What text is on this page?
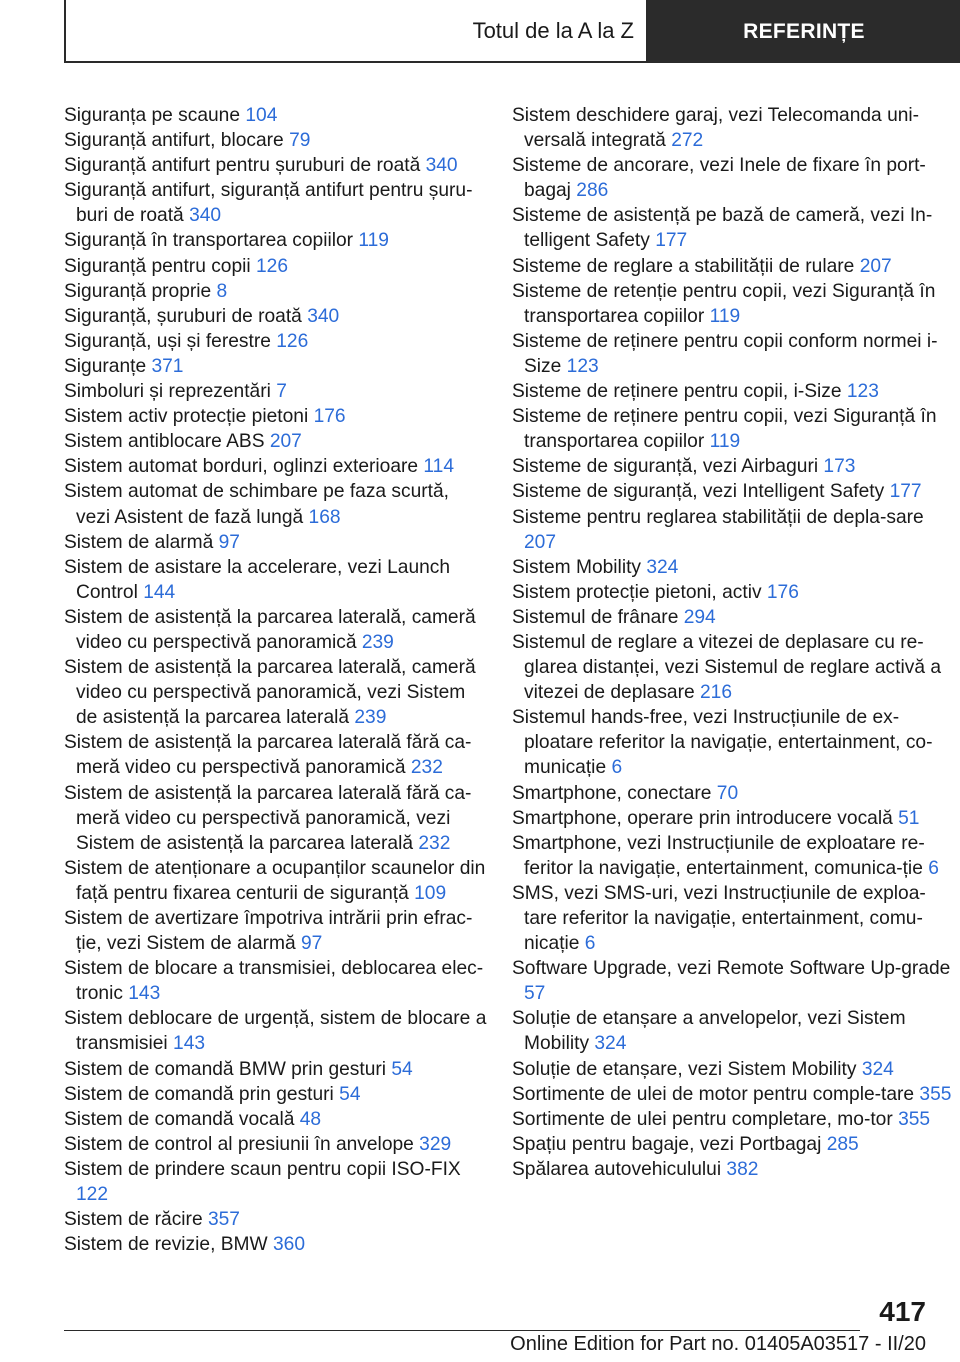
Totul de la A la Z	REFERINȚE
Siguranța pe scaune 104
Siguranță antifurt, blocare 79
Siguranță antifurt pentru șuruburi de roată 340
Siguranță antifurt, siguranță antifurt pentru șuru‐buri de roată 340
Siguranță în transportarea copiilor 119
Siguranță pentru copii 126
Siguranță proprie 8
Siguranță, șuruburi de roată 340
Siguranță, uși și ferestre 126
Siguranțe 371
Simboluri și reprezentări 7
Sistem activ protecție pietoni 176
Sistem antiblocare ABS 207
Sistem automat borduri, oglinzi exterioare 114
Sistem automat de schimbare pe faza scurtă, vezi Asistent de fază lungă 168
Sistem de alarmă 97
Sistem de asistare la accelerare, vezi Launch Control 144
Sistem de asistență la parcarea laterală, cameră video cu perspectivă panoramică 239
Sistem de asistență la parcarea laterală, cameră video cu perspectivă panoramică, vezi Sistem de asistență la parcarea laterală 239
Sistem de asistență la parcarea laterală fără ca‐meră video cu perspectivă panoramică 232
Sistem de asistență la parcarea laterală fără ca‐meră video cu perspectivă panoramică, vezi Sistem de asistență la parcarea laterală 232
Sistem de atenționare a ocupanților scaunelor din față pentru fixarea centurii de siguranță 109
Sistem de avertizare împotriva intrării prin efrac‐ție, vezi Sistem de alarmă 97
Sistem de blocare a transmisiei, deblocarea elec‐tronic 143
Sistem deblocare de urgență, sistem de blocare a transmisiei 143
Sistem de comandă BMW prin gesturi 54
Sistem de comandă prin gesturi 54
Sistem de comandă vocală 48
Sistem de control al presiunii în anvelope 329
Sistem de prindere scaun pentru copii ISO‐FIX 122
Sistem de răcire 357
Sistem de revizie, BMW 360
Sistem deschidere garaj, vezi Telecomanda uni‐versală integrată 272
Sisteme de ancorare, vezi Inele de fixare în port‐bagaj 286
Sisteme de asistență pe bază de cameră, vezi In‐telligent Safety 177
Sisteme de reglare a stabilității de rulare 207
Sisteme de retenție pentru copii, vezi Siguranță în transportarea copiilor 119
Sisteme de reținere pentru copii conform normei i-Size 123
Sisteme de reținere pentru copii, i-Size 123
Sisteme de reținere pentru copii, vezi Siguranță în transportarea copiilor 119
Sisteme de siguranță, vezi Airbaguri 173
Sisteme de siguranță, vezi Intelligent Safety 177
Sisteme pentru reglarea stabilității de depla‐sare 207
Sistem Mobility 324
Sistem protecție pietoni, activ 176
Sistemul de frânare 294
Sistemul de reglare a vitezei de deplasare cu re‐glarea distanței, vezi Sistemul de reglare activă a vitezei de deplasare 216
Sistemul hands-free, vezi Instrucțiunile de ex‐ploatare referitor la navigație, entertainment, co‐municație 6
Smartphone, conectare 70
Smartphone, operare prin introducere vocală 51
Smartphone, vezi Instrucțiunile de exploatare re‐feritor la navigație, entertainment, comunica‐ție 6
SMS, vezi SMS-uri, vezi Instrucțiunile de exploa‐tare referitor la navigație, entertainment, comu‐nicație 6
Software Upgrade, vezi Remote Software Up‐grade 57
Soluție de etanșare a anvelopelor, vezi Sistem Mobility 324
Soluție de etanșare, vezi Sistem Mobility 324
Sortimente de ulei de motor pentru comple‐tare 355
Sortimente de ulei pentru completare, mo‐tor 355
Spațiu pentru bagaje, vezi Portbagaj 285
Spălarea autovehiculului 382
417
Online Edition for Part no. 01405A03517 - II/20
